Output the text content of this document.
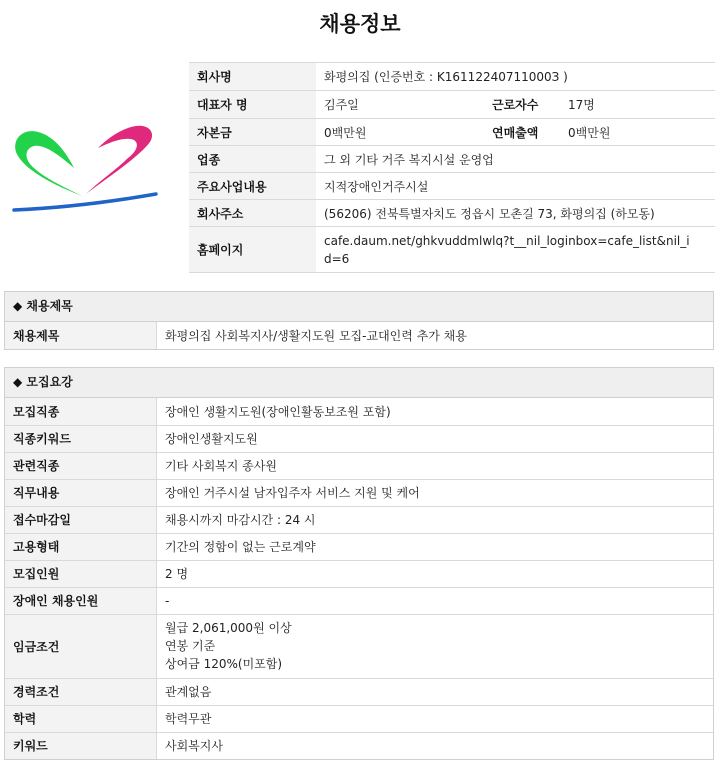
채용정보
회사명	화평의집 (인증번호 : K16112240711000З )		
대표자 명	김주일	근로자수	17명
자본금	0백만원	연매출액	0백만원
업종	그 외 기타 거주 복지시설 운영업		
주요사업내용	지적장애인거주시설		
회사주소	(56206) 전북특별자치도 정읍시 모촌길 73, 화평의집 (하모동)		
홈페이지	cafe.daum.net/ghkvuddmlwlq?t__nil_loginbox=cafe_list&nil_i
d=6		
◆ 채용제목
채용제목	화평의집 사회복지사/생활지도원 모집-교대인력 추가 채용
◆ 모집요강
모집직종	장애인 생활지도원(장애인활동보조원 포함)
직종키워드	장애인생활지도원
관련직종	기타 사회복지 종사원
직무내용	장애인 거주시설 남자입주자 서비스 지원 및 케어
접수마감일	채용시까지 마감시간 : 24 시
고용형태	기간의 정함이 없는 근로계약
모집인원	2 명
장애인 채용인원	-
임금조건	월급 2,061,000원 이상
연봉 기준
상여금 120%(미포함)

경력조건	관계없음
학력	학력무관
키워드	사회복지사
